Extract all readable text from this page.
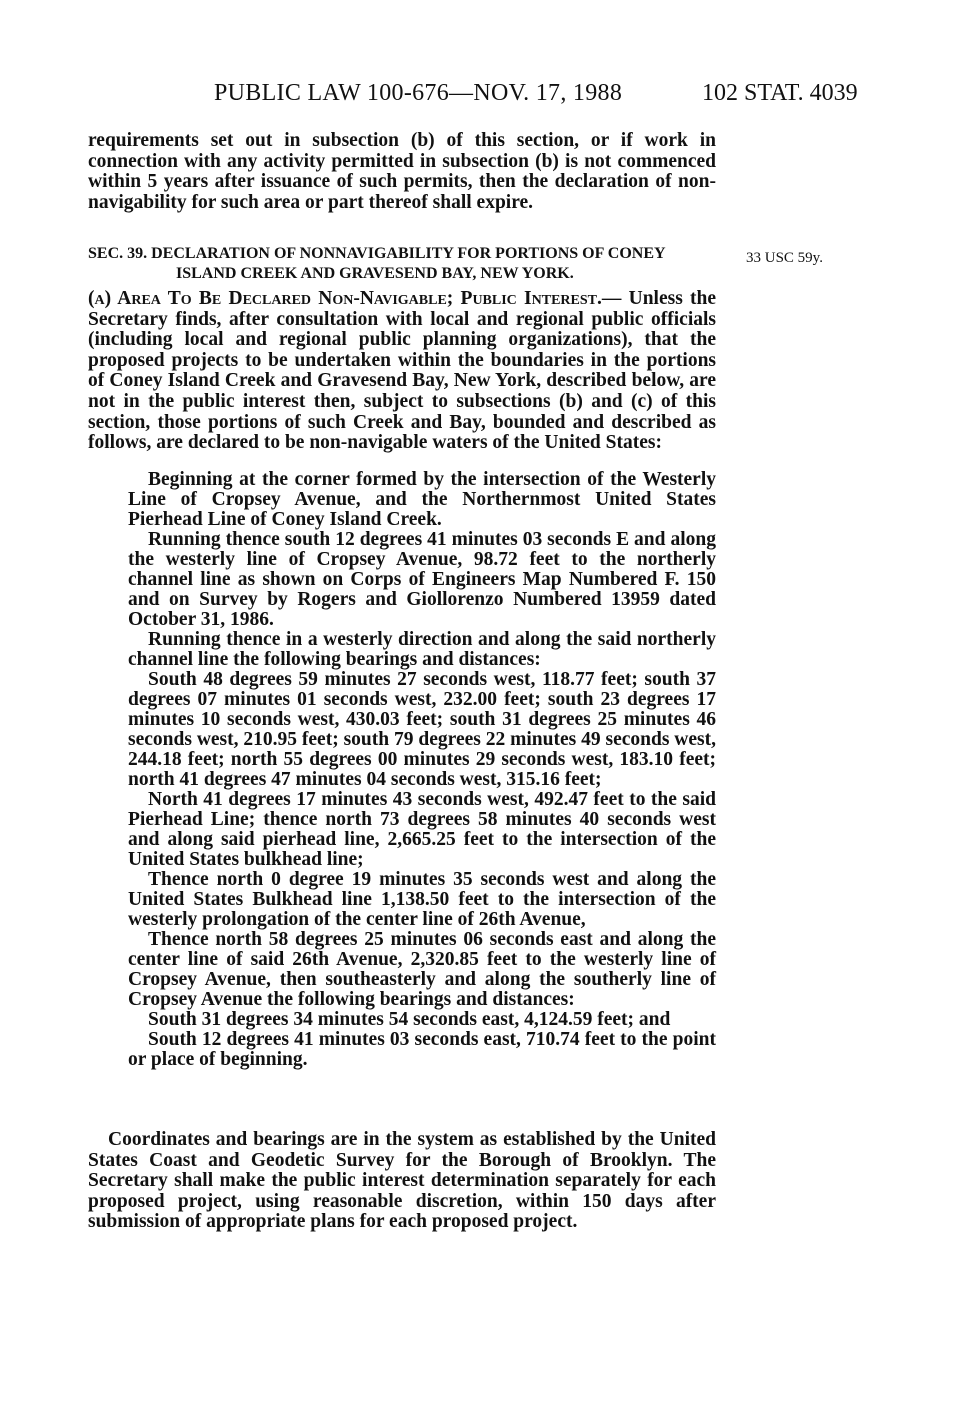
PUBLIC LAW 100-676—NOV. 17, 1988	102 STAT. 4039

requirements set out in subsection (b) of this section, or if work in connection with any activity permitted in subsection (b) is not commenced within 5 years after issuance of such permits, then the declaration of non-navigability for such area or part thereof shall expire.

SEC. 39. DECLARATION OF NONNAVIGABILITY FOR PORTIONS OF CONEY
ISLAND CREEK AND GRAVESEND BAY, NEW YORK.
33 USC 59y.

(a) Area To Be Declared Non-Navigable; Public Interest.— Unless the Secretary finds, after consultation with local and regional public officials (including local and regional public planning organizations), that the proposed projects to be undertaken within the boundaries in the portions of Coney Island Creek and Gravesend Bay, New York, described below, are not in the public interest then, subject to subsections (b) and (c) of this section, those portions of such Creek and Bay, bounded and described as follows, are declared to be non-navigable waters of the United States:

Beginning at the corner formed by the intersection of the Westerly Line of Cropsey Avenue, and the Northernmost United States Pierhead Line of Coney Island Creek.
Running thence south 12 degrees 41 minutes 03 seconds E and along the westerly line of Cropsey Avenue, 98.72 feet to the northerly channel line as shown on Corps of Engineers Map Numbered F. 150 and on Survey by Rogers and Giollorenzo Numbered 13959 dated October 31, 1986.
Running thence in a westerly direction and along the said northerly channel line the following bearings and distances:
South 48 degrees 59 minutes 27 seconds west, 118.77 feet; south 37 degrees 07 minutes 01 seconds west, 232.00 feet; south 23 degrees 17 minutes 10 seconds west, 430.03 feet; south 31 degrees 25 minutes 46 seconds west, 210.95 feet; south 79 degrees 22 minutes 49 seconds west, 244.18 feet; north 55 degrees 00 minutes 29 seconds west, 183.10 feet; north 41 degrees 47 minutes 04 seconds west, 315.16 feet;
North 41 degrees 17 minutes 43 seconds west, 492.47 feet to the said Pierhead Line; thence north 73 degrees 58 minutes 40 seconds west and along said pierhead line, 2,665.25 feet to the intersection of the United States bulkhead line;
Thence north 0 degree 19 minutes 35 seconds west and along the United States Bulkhead line 1,138.50 feet to the intersection of the westerly prolongation of the center line of 26th Avenue,
Thence north 58 degrees 25 minutes 06 seconds east and along the center line of said 26th Avenue, 2,320.85 feet to the westerly line of Cropsey Avenue, then southeasterly and along the southerly line of Cropsey Avenue the following bearings and distances:
South 31 degrees 34 minutes 54 seconds east, 4,124.59 feet; and
South 12 degrees 41 minutes 03 seconds east, 710.74 feet to the point or place of beginning.
Coordinates and bearings are in the system as established by the United States Coast and Geodetic Survey for the Borough of Brooklyn. The Secretary shall make the public interest determination separately for each proposed project, using reasonable discretion, within 150 days after submission of appropriate plans for each proposed project.
